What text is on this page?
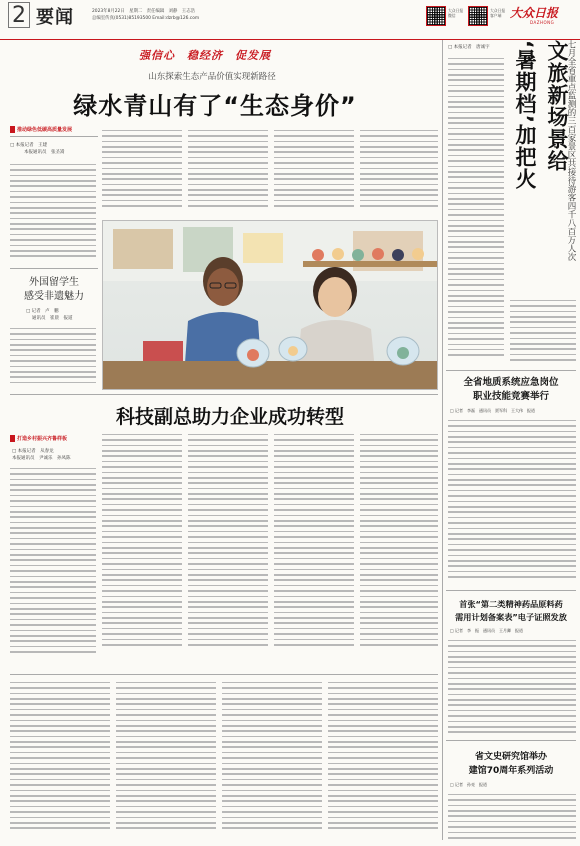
2 要闻	2023年8月22日　星期二　责任编辑　刘静　王志浩
总编室传真(0531)85193500 Email:dzrb@126.com
大众日报
微信
大众日报
客户端 大众日报
DAZHONG
强信心　稳经济　促发展
山东探索生态产品价值实现新路径
绿水青山有了“生态身价”
推动绿色低碳高质量发展
□ 本报记者　王建
本报通讯员　张圣嵩
外国留学生
感受非遗魅力
□ 记者　卢　鹏
通讯员　崔晨　报道
科技副总助力企业成功转型
打造乡村振兴齐鲁样板
□ 本报记者　从春龙
本报通讯员　尹诚乐　孙凤陈
□ 本报记者　唐诚宇	文旅新场景给
‘暑期档’加把火	七月全省重点监测的三百家景区共接待游客四千八百万人次
全省地质系统应急岗位
职业技能竞赛举行
□ 记者　李磊　通讯员　贾军科　王大伟　报道
首张“第二类精神药品原料药
需用计划备案表”电子证照发放
□ 记者　李　振　通讯员　王月卿　报道
省文史研究馆举办
建馆70周年系列活动
□ 记者　孙亮　报道
